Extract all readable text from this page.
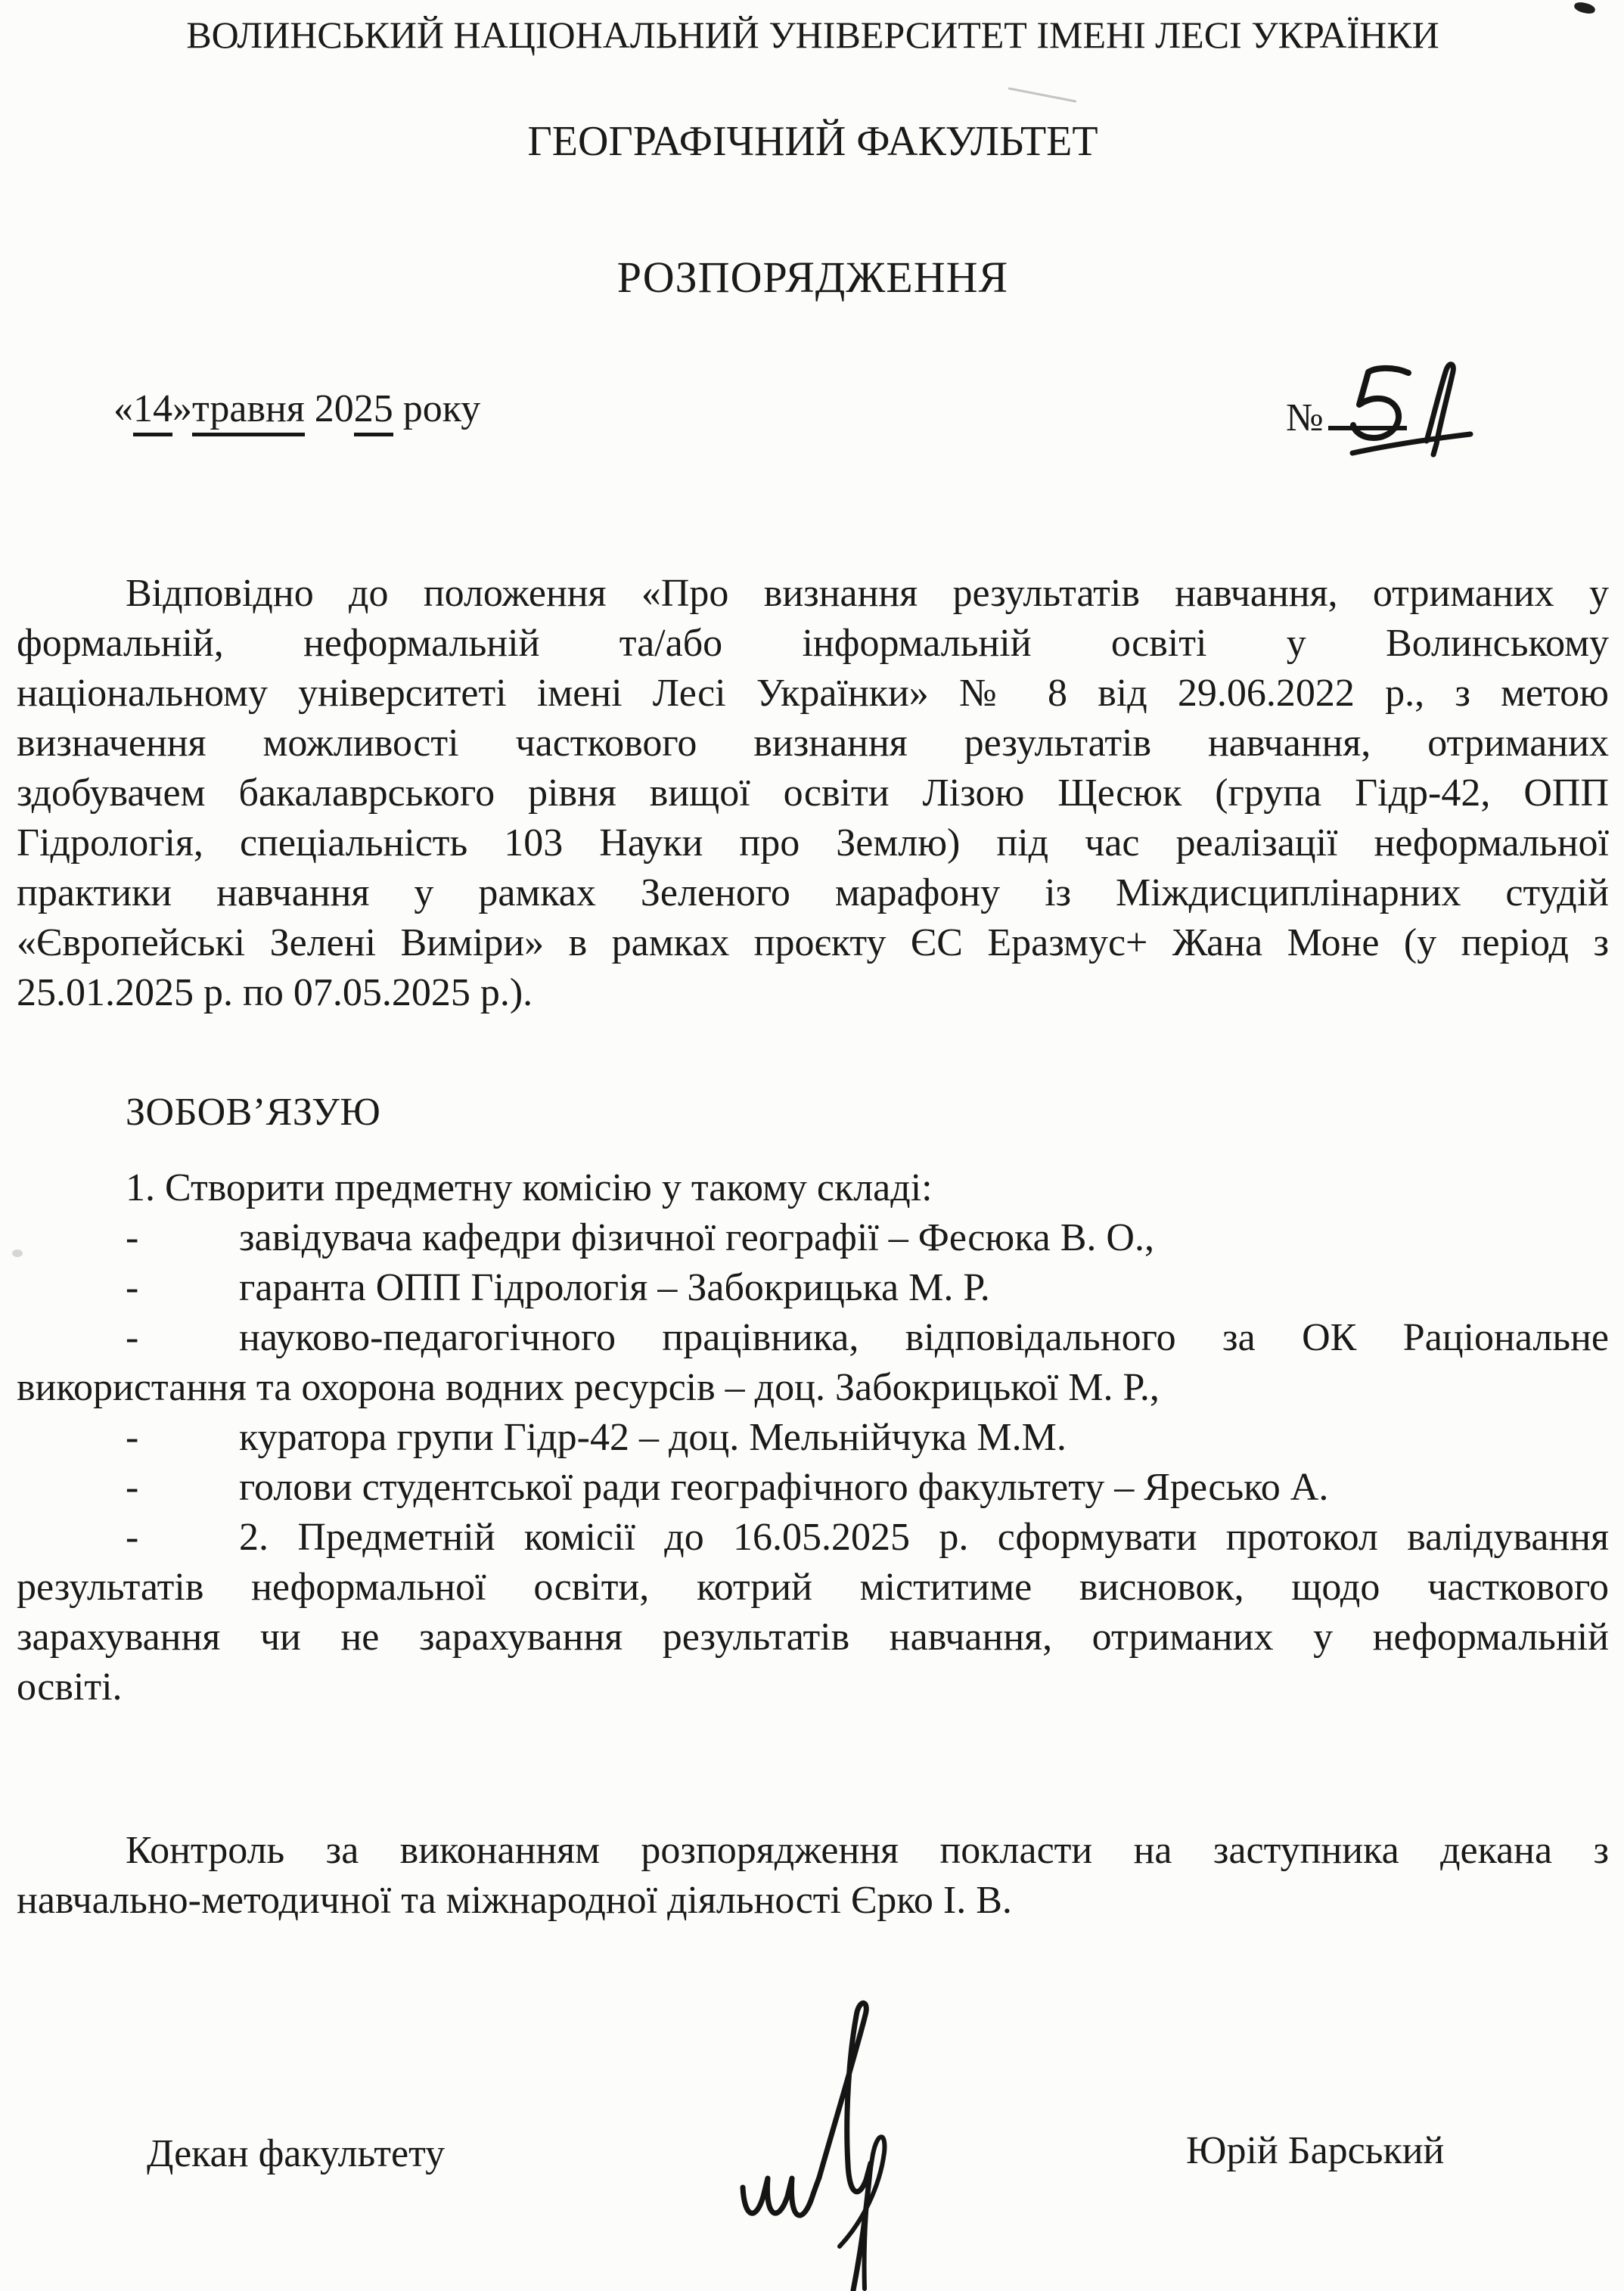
ВОЛИНСЬКИЙ НАЦІОНАЛЬНИЙ УНІВЕРСИТЕТ ІМЕНІ ЛЕСІ УКРАЇНКИ
ГЕОГРАФІЧНИЙ ФАКУЛЬТЕТ
РОЗПОРЯДЖЕННЯ
«14»травня 2025 року	№
Відповідно до положення «Про визнання результатів навчання, отриманих у
формальній, неформальній та/або інформальній освіті у Волинському
національному університеті імені Лесі Українки» № 8 від 29.06.2022 р., з метою
визначення можливості часткового визнання результатів навчання, отриманих
здобувачем бакалаврського рівня вищої освіти Лізою Щесюк (група Гідр-42, ОПП
Гідрологія, спеціальність 103 Науки про Землю) під час реалізації неформальної
практики навчання у рамках Зеленого марафону із Міждисциплінарних студій
«Європейські Зелені Виміри» в рамках проєкту ЄС Еразмус+ Жана Моне (у період з
25.01.2025 р. по 07.05.2025 р.).
ЗОБОВ’ЯЗУЮ
1. Створити предметну комісію у такому складі:
-	завідувача кафедри фізичної географії – Фесюка В. О.,
-	гаранта ОПП Гідрологія – Забокрицька М. Р.
-	науково-педагогічного працівника, відповідального за ОК Раціональне
використання та охорона водних ресурсів – доц. Забокрицької М. Р.,
-	куратора групи Гідр-42 – доц. Мельнійчука М.М.
-	голови студентської ради географічного факультету – Яресько А.
-	2. Предметній комісії до 16.05.2025 р. сформувати протокол валідування
результатів неформальної освіти, котрий міститиме висновок, щодо часткового
зарахування чи не зарахування результатів навчання, отриманих у неформальній
освіті.
Контроль за виконанням розпорядження покласти на заступника декана з
навчально-методичної та міжнародної діяльності Єрко І. В.
Декан факультету	Юрій Барський
